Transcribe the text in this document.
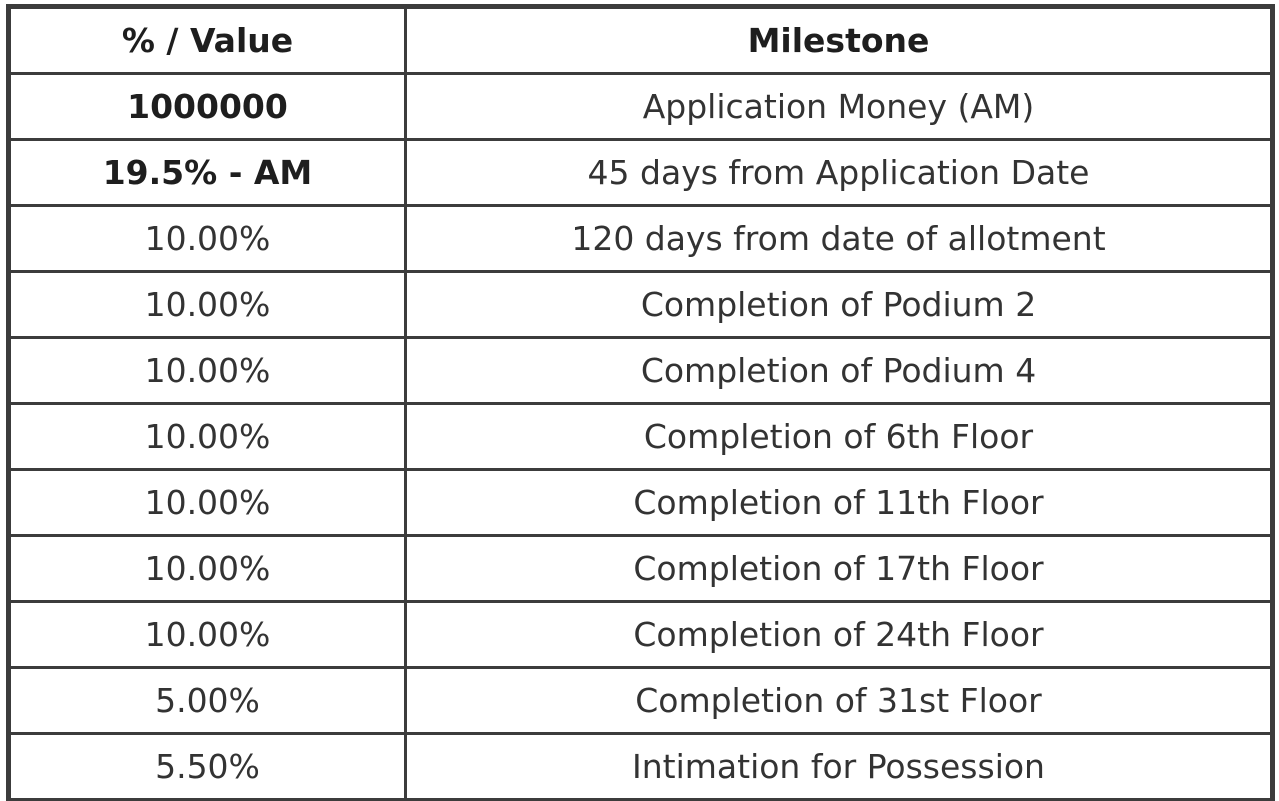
% / Value	Milestone
1000000	Application Money (AM)
19.5% - AM	45 days from Application Date
10.00%	120 days from date of allotment
10.00%	Completion of Podium 2
10.00%	Completion of Podium 4
10.00%	Completion of 6th Floor
10.00%	Completion of 11th Floor
10.00%	Completion of 17th Floor
10.00%	Completion of 24th Floor
5.00%	Completion of 31st Floor
5.50%	Intimation for Possession
